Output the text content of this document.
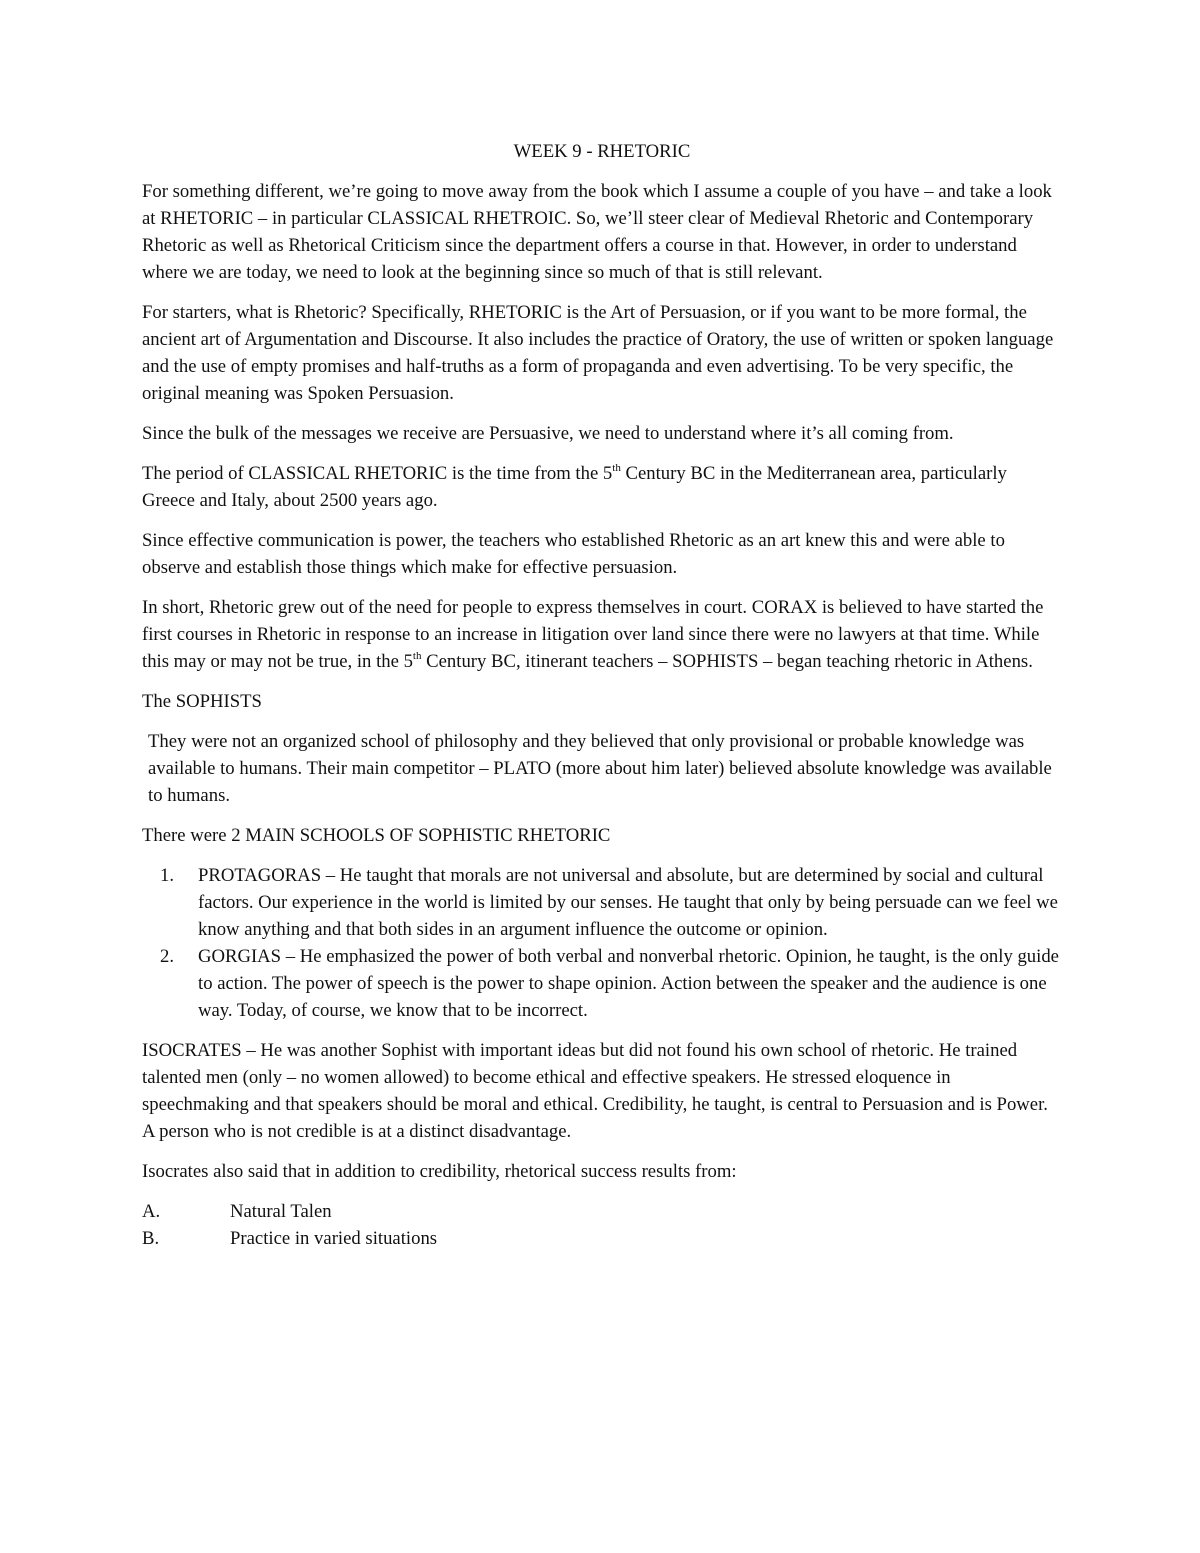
WEEK 9 - RHETORIC

For something different, we’re going to move away from the book which I assume a couple of you have – and take a look at RHETORIC – in particular CLASSICAL RHETROIC. So, we’ll steer clear of Medieval Rhetoric and Contemporary Rhetoric as well as Rhetorical Criticism since the department offers a course in that. However, in order to understand where we are today, we need to look at the beginning since so much of that is still relevant.

For starters, what is Rhetoric? Specifically, RHETORIC is the Art of Persuasion, or if you want to be more formal, the ancient art of Argumentation and Discourse. It also includes the practice of Oratory, the use of written or spoken language and the use of empty promises and half-truths as a form of propaganda and even advertising. To be very specific, the original meaning was Spoken Persuasion.

Since the bulk of the messages we receive are Persuasive, we need to understand where it’s all coming from.

The period of CLASSICAL RHETORIC is the time from the 5th Century BC in the Mediterranean area, particularly Greece and Italy, about 2500 years ago.

Since effective communication is power, the teachers who established Rhetoric as an art knew this and were able to observe and establish those things which make for effective persuasion.

In short, Rhetoric grew out of the need for people to express themselves in court. CORAX is believed to have started the first courses in Rhetoric in response to an increase in litigation over land since there were no lawyers at that time. While this may or may not be true, in the 5th Century BC, itinerant teachers – SOPHISTS – began teaching rhetoric in Athens.

The SOPHISTS

They were not an organized school of philosophy and they believed that only provisional or probable knowledge was available to humans. Their main competitor – PLATO (more about him later) believed absolute knowledge was available to humans.

There were 2 MAIN SCHOOLS OF SOPHISTIC RHETORIC

1. PROTAGORAS – He taught that morals are not universal and absolute, but are determined by social and cultural factors. Our experience in the world is limited by our senses. He taught that only by being persuade can we feel we know anything and that both sides in an argument influence the outcome or opinion.
2. GORGIAS – He emphasized the power of both verbal and nonverbal rhetoric. Opinion, he taught, is the only guide to action. The power of speech is the power to shape opinion. Action between the speaker and the audience is one way. Today, of course, we know that to be incorrect.

ISOCRATES – He was another Sophist with important ideas but did not found his own school of rhetoric. He trained talented men (only – no women allowed) to become ethical and effective speakers. He stressed eloquence in speechmaking and that speakers should be moral and ethical. Credibility, he taught, is central to Persuasion and is Power. A person who is not credible is at a distinct disadvantage.

Isocrates also said that in addition to credibility, rhetorical success results from:

A.	Natural Talen
B.	Practice in varied situations
